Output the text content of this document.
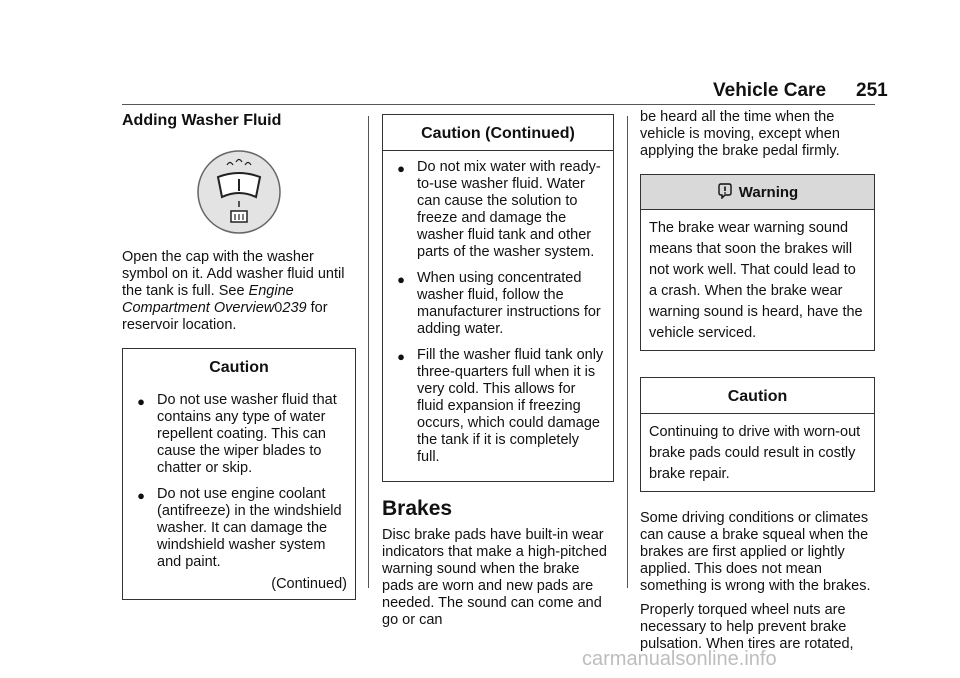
Vehicle Care 251
Adding Washer Fluid

Open the cap with the washer symbol on it. Add washer fluid until the tank is full. See Engine Compartment Overview0239 for reservoir location.

Caution
● Do not use washer fluid that contains any type of water repellent coating. This can cause the wiper blades to chatter or skip.
● Do not use engine coolant (antifreeze) in the windshield washer. It can damage the windshield washer system and paint.
(Continued)
Caution (Continued)
● Do not mix water with ready-to-use washer fluid. Water can cause the solution to freeze and damage the washer fluid tank and other parts of the washer system.
● When using concentrated washer fluid, follow the manufacturer instructions for adding water.
● Fill the washer fluid tank only three-quarters full when it is very cold. This allows for fluid expansion if freezing occurs, which could damage the tank if it is completely full.
Brakes

Disc brake pads have built-in wear indicators that make a high-pitched warning sound when the brake pads are worn and new pads are needed. The sound can come and go or can

be heard all the time when the vehicle is moving, except when applying the brake pedal firmly.

Warning
The brake wear warning sound means that soon the brakes will not work well. That could lead to a crash. When the brake wear warning sound is heard, have the vehicle serviced.
Caution
Continuing to drive with worn-out brake pads could result in costly brake repair.

Some driving conditions or climates can cause a brake squeal when the brakes are first applied or lightly applied. This does not mean something is wrong with the brakes.

Properly torqued wheel nuts are necessary to help prevent brake pulsation. When tires are rotated,

carmanualsonline.info
